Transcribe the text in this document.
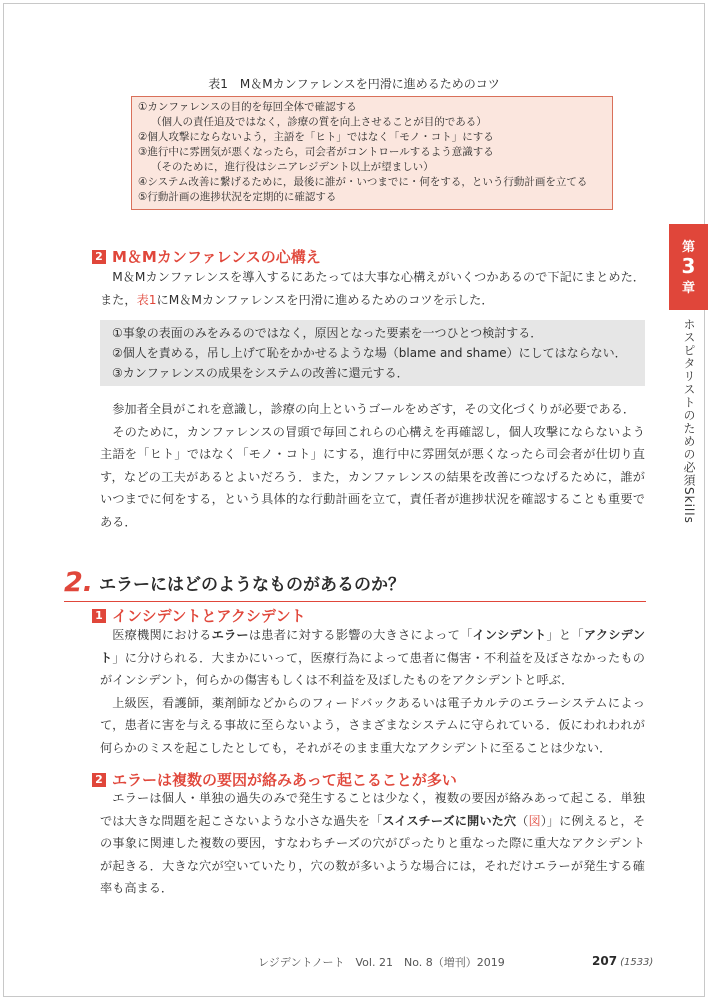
表1　M＆Mカンファレンスを円滑に進めるためのコツ
①カンファレンスの目的を毎回全体で確認する
（個人の責任追及ではなく，診療の質を向上させることが目的である）
②個人攻撃にならないよう，主語を「ヒト」ではなく「モノ・コト」にする
③進行中に雰囲気が悪くなったら，司会者がコントロールするよう意識する
（そのために，進行役はシニアレジデント以上が望ましい）
④システム改善に繋げるために，最後に誰が・いつまでに・何をする，という行動計画を立てる
⑤行動計画の進捗状況を定期的に確認する
2 M＆Mカンファレンスの心構え

M＆Mカンファレンスを導入するにあたっては大事な心構えがいくつかあるので下記にまとめた．また，表1にM＆Mカンファレンスを円滑に進めるためのコツを示した．

①事象の表面のみをみるのではなく，原因となった要素を一つひとつ検討する．
②個人を責める，吊し上げて恥をかかせるような場（blame and shame）にしてはならない．
③カンファレンスの成果をシステムの改善に還元する．

参加者全員がこれを意識し，診療の向上というゴールをめざす，その文化づくりが必要である．

そのために，カンファレンスの冒頭で毎回これらの心構えを再確認し，個人攻撃にならないよう主語を「ヒト」ではなく「モノ・コト」にする，進行中に雰囲気が悪くなったら司会者が仕切り直す，などの工夫があるとよいだろう．また，カンファレンスの結果を改善につなげるために，誰がいつまでに何をする，という具体的な行動計画を立て，責任者が進捗状況を確認することも重要である．

2. エラーにはどのようなものがあるのか？
1 インシデントとアクシデント

医療機関におけるエラーは患者に対する影響の大きさによって「インシデント」と「アクシデント」に分けられる．大まかにいって，医療行為によって患者に傷害・不利益を及ぼさなかったものがインシデント，何らかの傷害もしくは不利益を及ぼしたものをアクシデントと呼ぶ．

上級医，看護師，薬剤師などからのフィードバックあるいは電子カルテのエラーシステムによって，患者に害を与える事故に至らないよう，さまざまなシステムに守られている．仮にわれわれが何らかのミスを起こしたとしても，それがそのまま重大なアクシデントに至ることは少ない．

2 エラーは複数の要因が絡みあって起こることが多い

エラーは個人・単独の過失のみで発生することは少なく，複数の要因が絡みあって起こる．単独では大きな問題を起こさないような小さな過失を「スイスチーズに開いた穴（図）」に例えると，その事象に関連した複数の要因，すなわちチーズの穴がぴったりと重なった際に重大なアクシデントが起きる．大きな穴が空いていたり，穴の数が多いような場合には，それだけエラーが発生する確率も高まる．

第
3
章
ホスピタリストのための必須Skills
レジデントノート　Vol. 21　No. 8（増刊）2019	207 (1533)
